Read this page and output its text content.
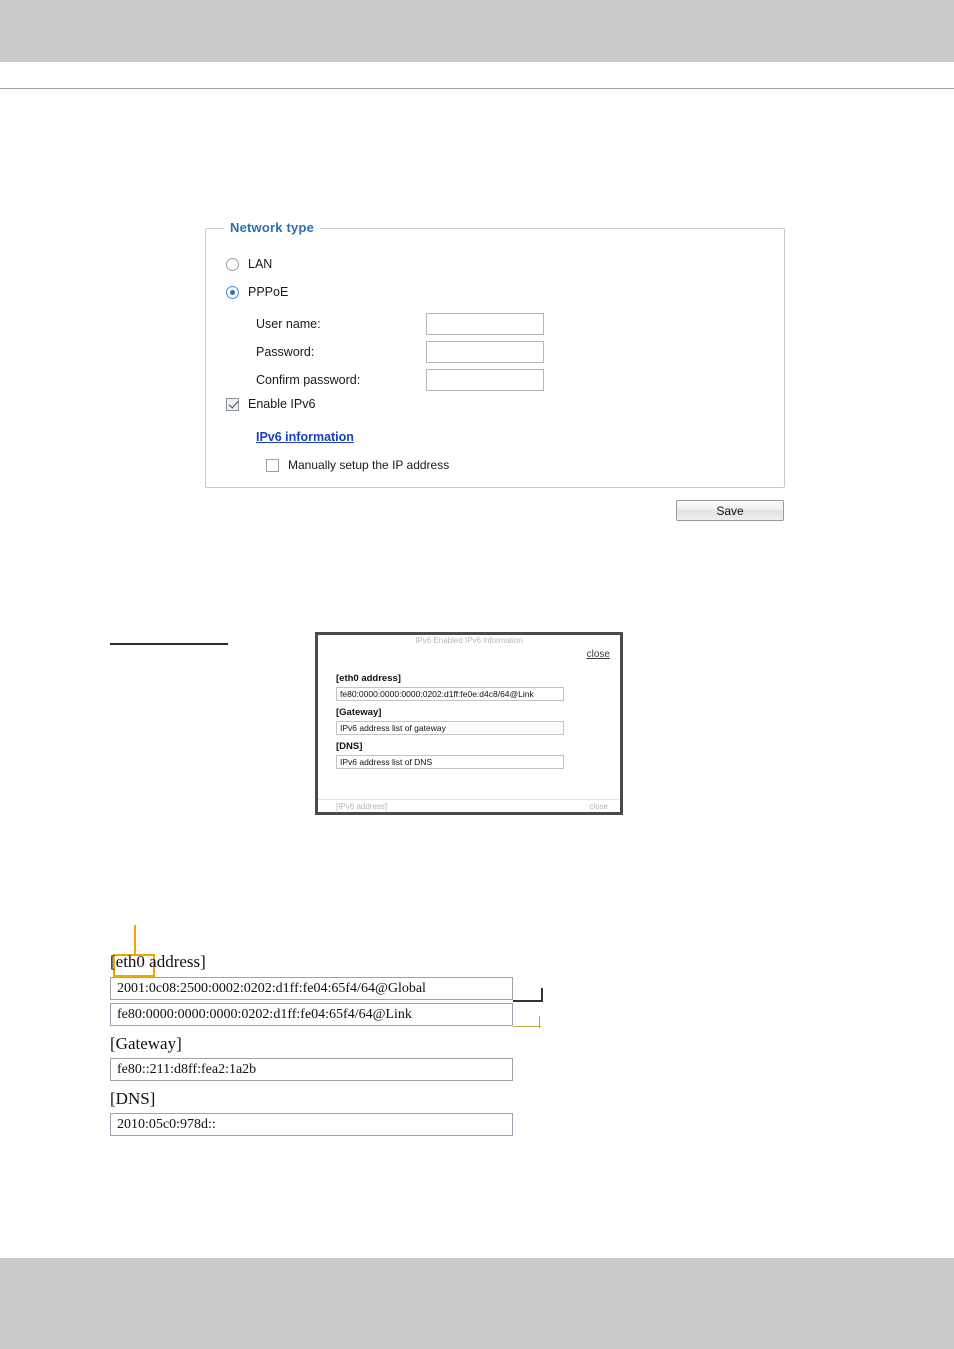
Network type
LAN
PPPoE
User name:
Password:
Confirm password:
Enable IPv6
IPv6 information
Manually setup the IP address
Save
IPv6 Enabled IPv6 information
close
[eth0 address]
fe80:0000:0000:0000:0202:d1ff:fe0e:d4c8/64@Link
[Gateway]
IPv6 address list of gateway
[DNS]
IPv6 address list of DNS
[IPv6 address]	close
[eth0 address]
2001:0c08:2500:0002:0202:d1ff:fe04:65f4/64@Global
fe80:0000:0000:0000:0202:d1ff:fe04:65f4/64@Link
[Gateway]
fe80::211:d8ff:fea2:1a2b
[DNS]
2010:05c0:978d::
